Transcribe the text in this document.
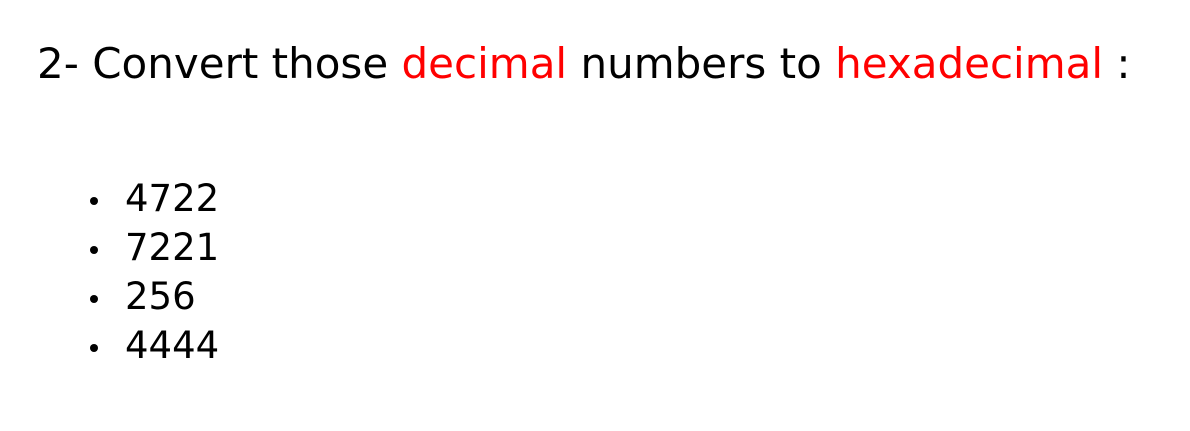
2- Convert those decimal numbers to hexadecimal :
4722
7221
256
4444
